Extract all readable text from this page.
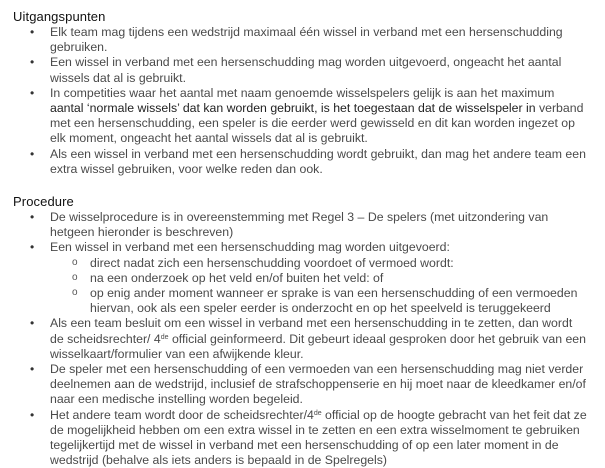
Uitgangspunten
• Elk team mag tijdens een wedstrijd maximaal één wissel in verband met een hersenschudding gebruiken.
• Een wissel in verband met een hersenschudding mag worden uitgevoerd, ongeacht het aantal wissels dat al is gebruikt.
• In competities waar het aantal met naam genoemde wisselspelers gelijk is aan het maximum aantal ‘normale wissels’ dat kan worden gebruikt, is het toegestaan dat de wisselspeler in verband met een hersenschudding, een speler is die eerder werd gewisseld en dit kan worden ingezet op elk moment, ongeacht het aantal wissels dat al is gebruikt.
• Als een wissel in verband met een hersenschudding wordt gebruikt, dan mag het andere team een extra wissel gebruiken, voor welke reden dan ook.
Procedure
• De wisselprocedure is in overeenstemming met Regel 3 – De spelers (met uitzondering van hetgeen hieronder is beschreven)
• Een wissel in verband met een hersenschudding mag worden uitgevoerd:
o direct nadat zich een hersenschudding voordoet of vermoed wordt:
o na een onderzoek op het veld en/of buiten het veld: of
o op enig ander moment wanneer er sprake is van een hersenschudding of een vermoeden hiervan, ook als een speler eerder is onderzocht en op het speelveld is teruggekeerd
• Als een team besluit om een wissel in verband met een hersenschudding in te zetten, dan wordt de scheidsrechter/ 4de official geinformeerd. Dit gebeurt ideaal gesproken door het gebruik van een wisselkaart/formulier van een afwijkende kleur.
• De speler met een hersenschudding of een vermoeden van een hersenschudding mag niet verder deelnemen aan de wedstrijd, inclusief de strafschoppenserie en hij moet naar de kleedkamer en/of naar een medische instelling worden begeleid.
• Het andere team wordt door de scheidsrechter/4de official op de hoogte gebracht van het feit dat ze de mogelijkheid hebben om een extra wissel in te zetten en een extra wisselmoment te gebruiken tegelijkertijd met de wissel in verband met een hersenschudding of op een later moment in de wedstrijd (behalve als iets anders is bepaald in de Spelregels)
